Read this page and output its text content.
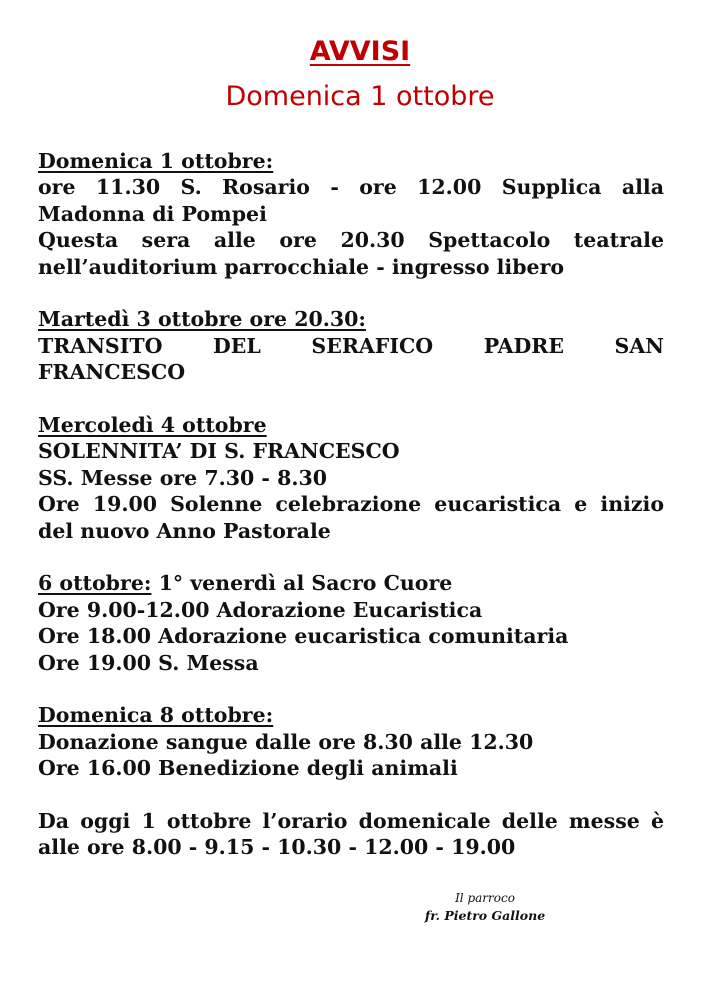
AVVISI
Domenica 1 ottobre
Domenica 1 ottobre:
ore 11.30 S. Rosario - ore 12.00 Supplica alla
Madonna di Pompei
Questa sera alle ore 20.30 Spettacolo teatrale
nell’auditorium parrocchiale - ingresso libero
Martedì 3 ottobre ore 20.30:
TRANSITO DEL SERAFICO PADRE SAN
FRANCESCO
Mercoledì 4 ottobre
SOLENNITA’ DI S. FRANCESCO
SS. Messe ore 7.30 - 8.30
Ore 19.00 Solenne celebrazione eucaristica e inizio
del nuovo Anno Pastorale
6 ottobre: 1° venerdì al Sacro Cuore
Ore 9.00-12.00 Adorazione Eucaristica
Ore 18.00 Adorazione eucaristica comunitaria
Ore 19.00 S. Messa
Domenica 8 ottobre:
Donazione sangue dalle ore 8.30 alle 12.30
Ore 16.00 Benedizione degli animali
Da oggi 1 ottobre l’orario domenicale delle messe è
alle ore 8.00 - 9.15 - 10.30 - 12.00 - 19.00
Il parroco
fr. Pietro Gallone
